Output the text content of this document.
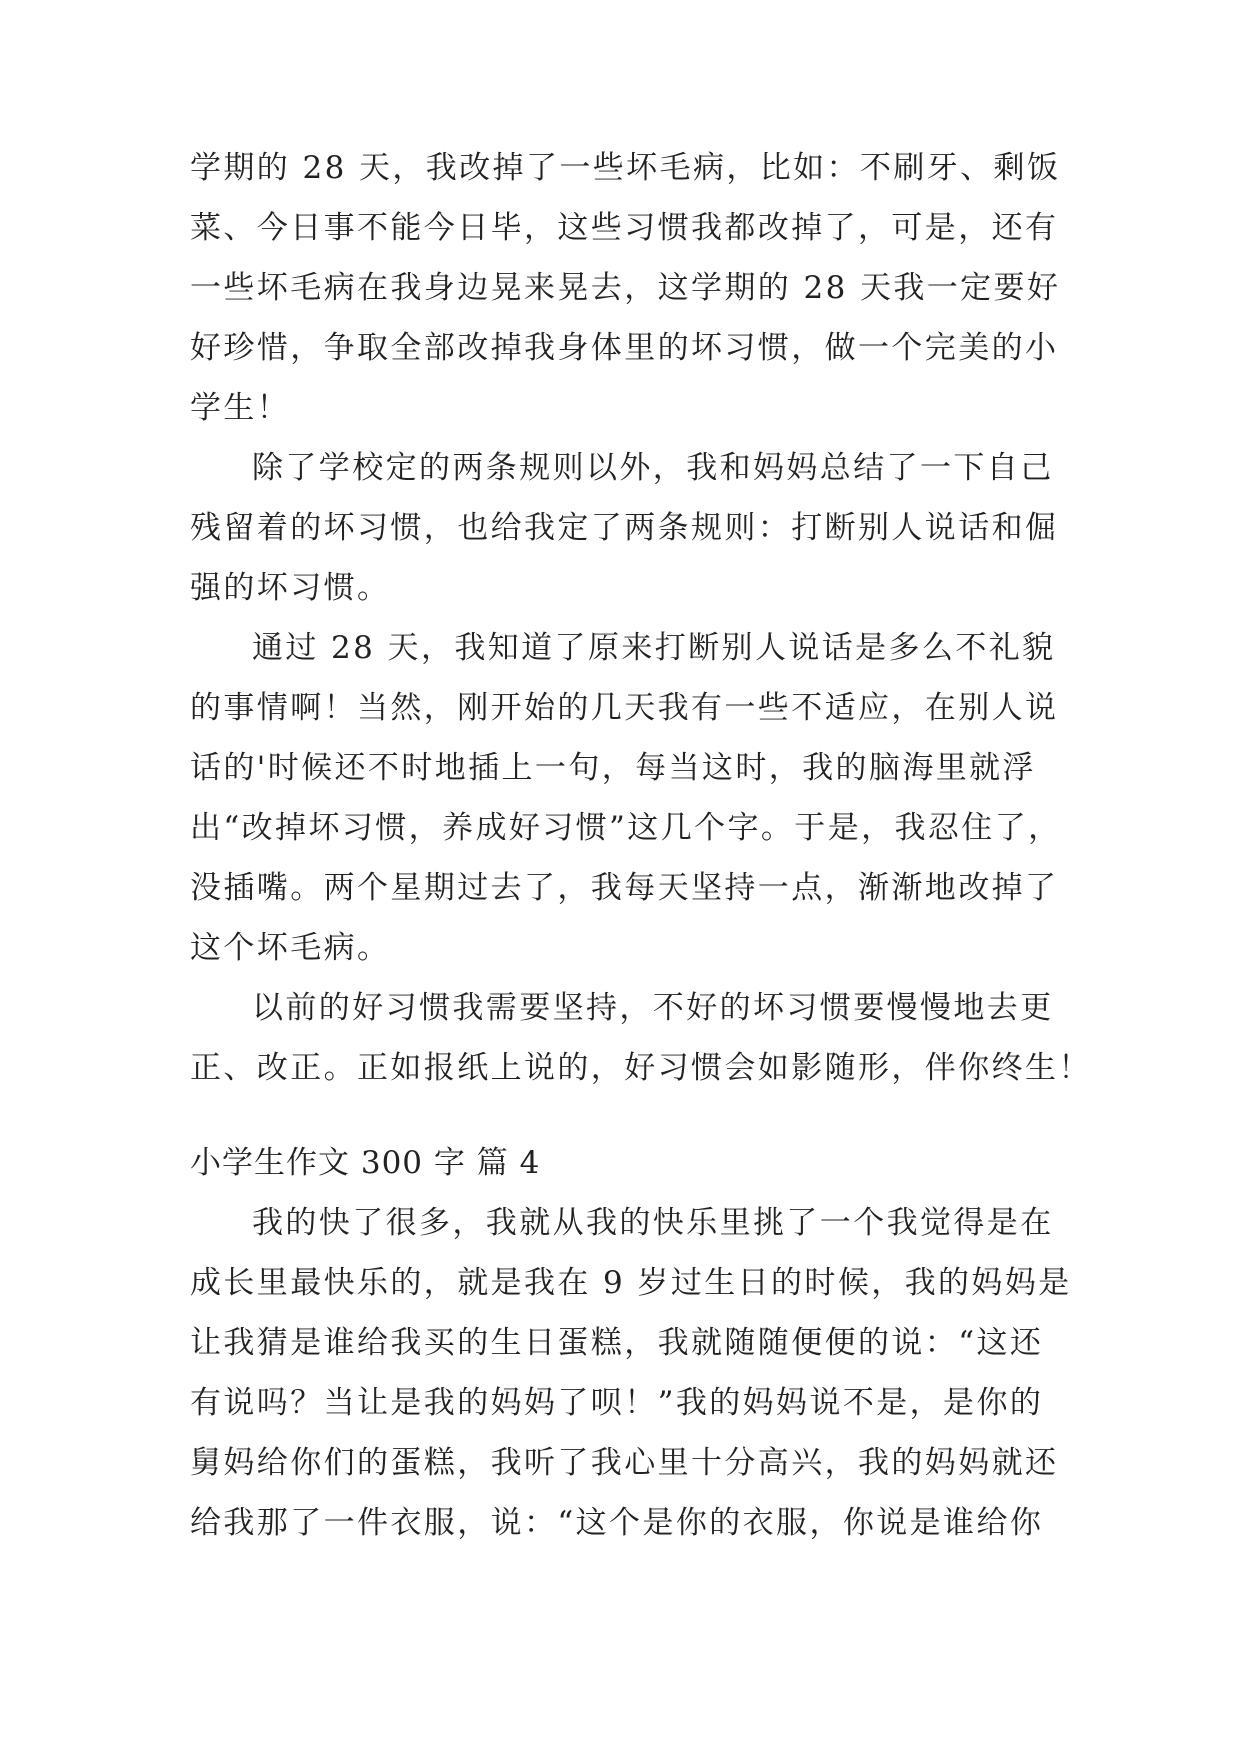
学期的 28 天，我改掉了一些坏毛病，比如：不刷牙、剩饭
菜、今日事不能今日毕，这些习惯我都改掉了，可是，还有
一些坏毛病在我身边晃来晃去，这学期的 28 天我一定要好
好珍惜，争取全部改掉我身体里的坏习惯，做一个完美的小
学生！
除了学校定的两条规则以外，我和妈妈总结了一下自己
残留着的坏习惯，也给我定了两条规则：打断别人说话和倔
强的坏习惯。
通过 28 天，我知道了原来打断别人说话是多么不礼貌
的事情啊！当然，刚开始的几天我有一些不适应，在别人说
话的'时候还不时地插上一句，每当这时，我的脑海里就浮
出“改掉坏习惯，养成好习惯”这几个字。于是，我忍住了，
没插嘴。两个星期过去了，我每天坚持一点，渐渐地改掉了
这个坏毛病。
以前的好习惯我需要坚持，不好的坏习惯要慢慢地去更
正、改正。正如报纸上说的，好习惯会如影随形，伴你终生！
小学生作文 300 字 篇 4
我的快了很多，我就从我的快乐里挑了一个我觉得是在
成长里最快乐的，就是我在 9 岁过生日的时候，我的妈妈是
让我猜是谁给我买的生日蛋糕，我就随随便便的说：“这还
有说吗？当让是我的妈妈了呗！”我的妈妈说不是，是你的
舅妈给你们的蛋糕，我听了我心里十分高兴，我的妈妈就还
给我那了一件衣服，说：“这个是你的衣服，你说是谁给你
